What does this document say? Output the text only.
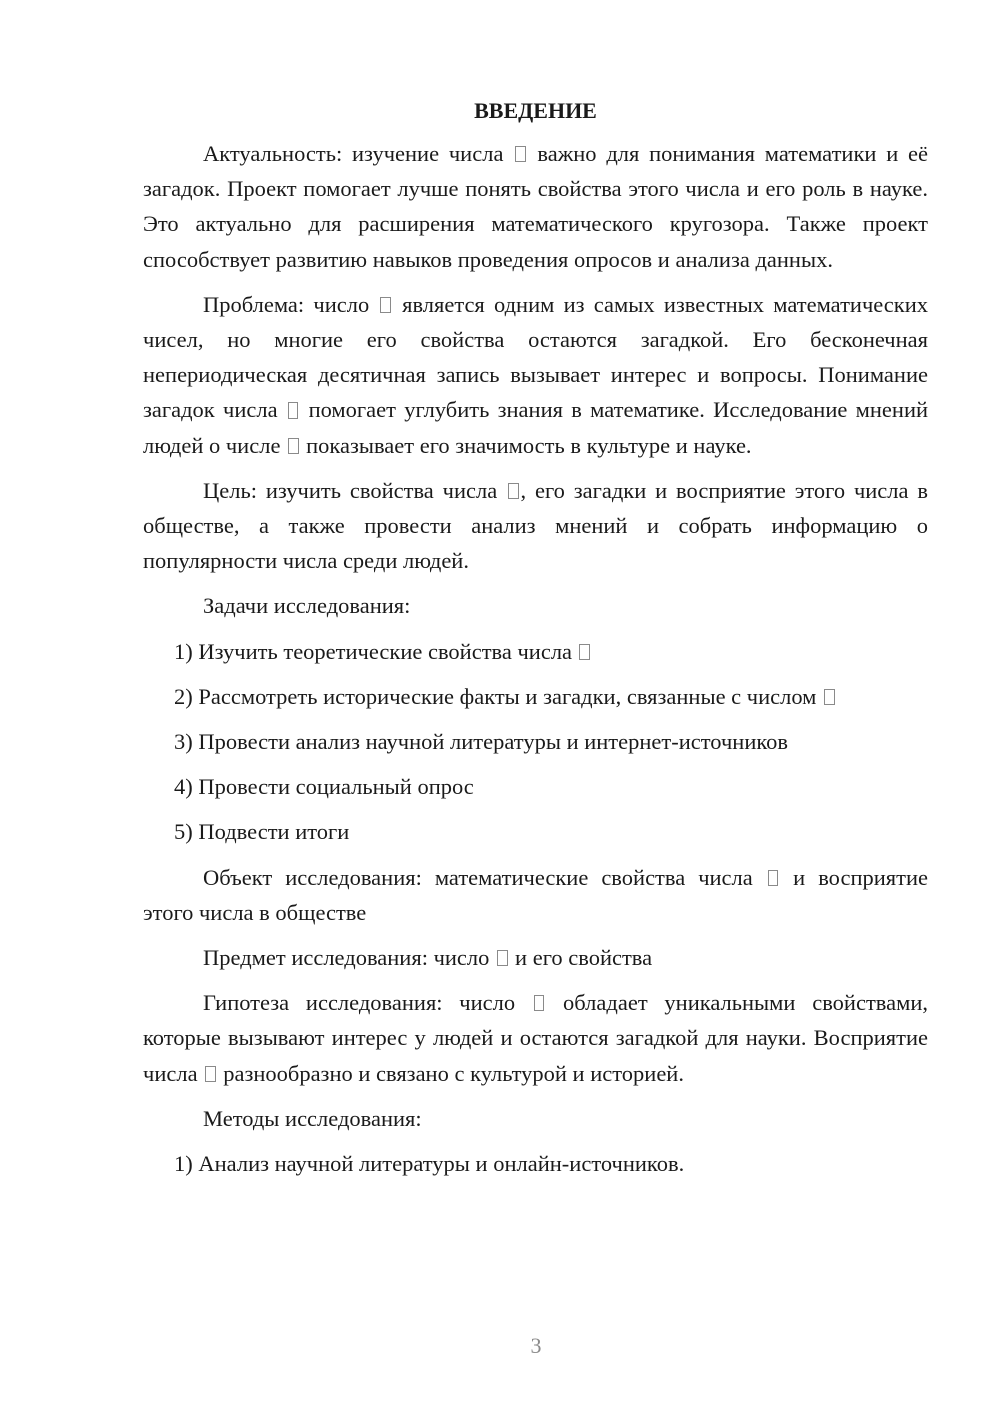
ВВЕДЕНИЕ

Актуальность: изучение числа важно для понимания математики и её загадок. Проект помогает лучше понять свойства этого числа и его роль в науке. Это актуально для расширения математического кругозора. Также проект способствует развитию навыков проведения опросов и анализа данных.

Проблема: число является одним из самых известных математических чисел, но многие его свойства остаются загадкой. Его бесконечная непериодическая десятичная запись вызывает интерес и вопросы. Понимание загадок числа помогает углубить знания в математике. Исследование мнений людей о числе показывает его значимость в культуре и науке.

Цель: изучить свойства числа , его загадки и восприятие этого числа в обществе, а также провести анализ мнений и собрать информацию о популярности числа среди людей.

Задачи исследования:

1) Изучить теоретические свойства числа
2) Рассмотреть исторические факты и загадки, связанные с числом
3) Провести анализ научной литературы и интернет-источников
4) Провести социальный опрос
5) Подвести итоги

Объект исследования: математические свойства числа и восприятие этого числа в обществе

Предмет исследования: число и его свойства

Гипотеза исследования: число обладает уникальными свойствами, которые вызывают интерес у людей и остаются загадкой для науки. Восприятие числа разнообразно и связано с культурой и историей.

Методы исследования:

1) Анализ научной литературы и онлайн-источников.
3
